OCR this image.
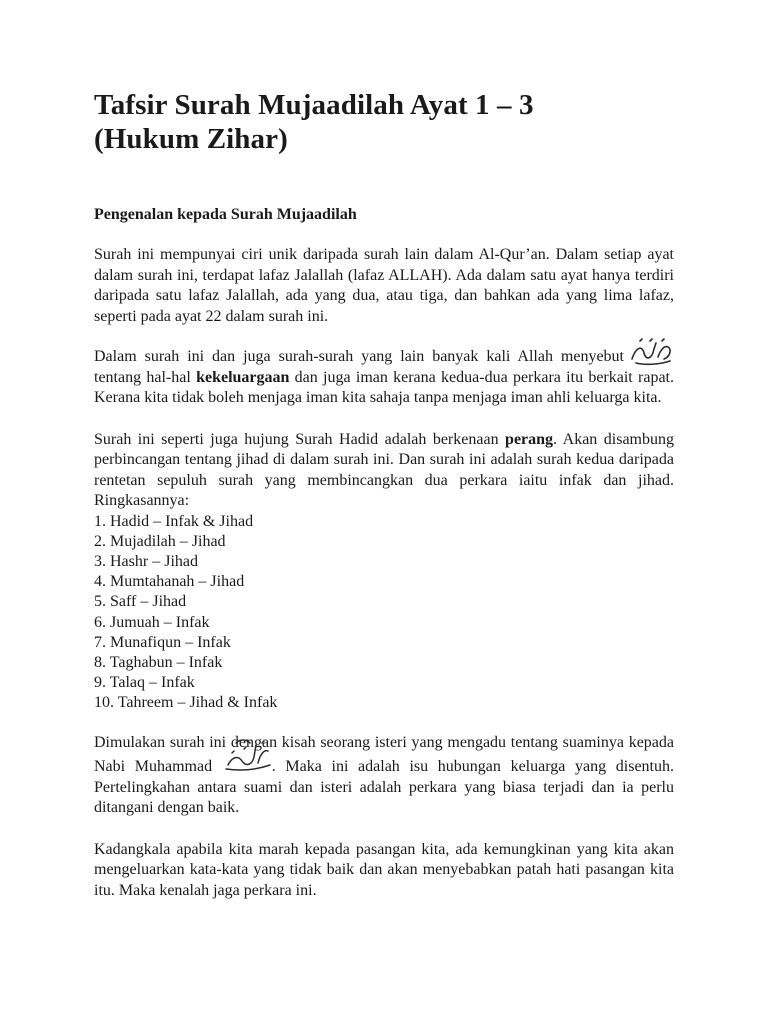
Tafsir Surah Mujaadilah Ayat 1 – 3
(Hukum Zihar)
Pengenalan kepada Surah Mujaadilah

Surah ini mempunyai ciri unik daripada surah lain dalam Al-Qur’an. Dalam setiap ayat dalam surah ini, terdapat lafaz Jalallah (lafaz ALLAH). Ada dalam satu ayat hanya terdiri daripada satu lafaz Jalallah, ada yang dua, atau tiga, dan bahkan ada yang lima lafaz, seperti pada ayat 22 dalam surah ini.

Dalam surah ini dan juga surah-surah yang lain banyak kali Allah menyebut tentang hal-hal kekeluargaan dan juga iman kerana kedua-dua perkara itu berkait rapat. Kerana kita tidak boleh menjaga iman kita sahaja tanpa menjaga iman ahli keluarga kita.

Surah ini seperti juga hujung Surah Hadid adalah berkenaan perang. Akan disambung perbincangan tentang jihad di dalam surah ini. Dan surah ini adalah surah kedua daripada rentetan sepuluh surah yang membincangkan dua perkara iaitu infak dan jihad. Ringkasannya:

1. Hadid – Infak & Jihad
2. Mujadilah – Jihad
3. Hashr – Jihad
4. Mumtahanah – Jihad
5. Saff – Jihad
6. Jumuah – Infak
7. Munafiqun – Infak
8. Taghabun – Infak
9. Talaq – Infak
10. Tahreem – Jihad & Infak

Dimulakan surah ini dengan kisah seorang isteri yang mengadu tentang suaminya kepada Nabi Muhammad	. Maka ini adalah isu hubungan keluarga yang disentuh. Pertelingkahan antara suami dan isteri adalah perkara yang biasa terjadi dan ia perlu ditangani dengan baik.

Kadangkala apabila kita marah kepada pasangan kita, ada kemungkinan yang kita akan mengeluarkan kata-kata yang tidak baik dan akan menyebabkan patah hati pasangan kita itu. Maka kenalah jaga perkara ini.
